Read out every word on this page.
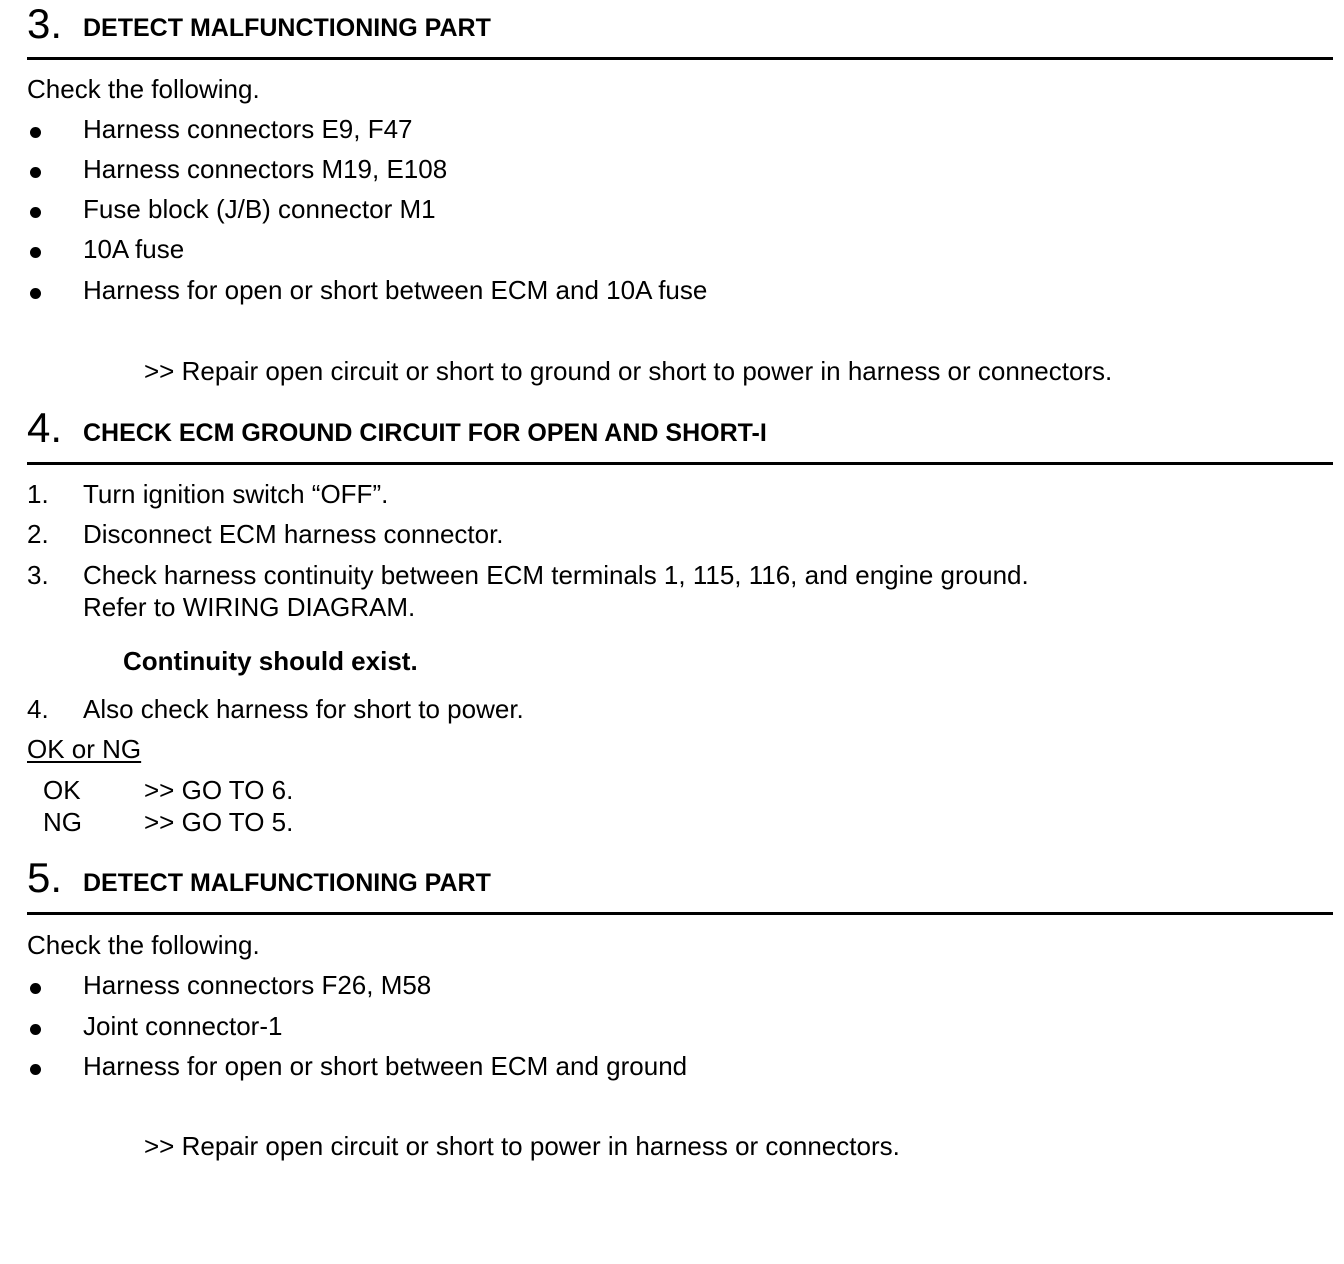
3. DETECT MALFUNCTIONING PART
Check the following.
Harness connectors E9, F47
Harness connectors M19, E108
Fuse block (J/B) connector M1
10A fuse
Harness for open or short between ECM and 10A fuse
>> Repair open circuit or short to ground or short to power in harness or connectors.
4. CHECK ECM GROUND CIRCUIT FOR OPEN AND SHORT-I
1. Turn ignition switch “OFF”.
2. Disconnect ECM harness connector.
3. Check harness continuity between ECM terminals 1, 115, 116, and engine ground.
Refer to WIRING DIAGRAM.
Continuity should exist.
4. Also check harness for short to power.
OK or NG
OK >> GO TO 6.
NG >> GO TO 5.
5. DETECT MALFUNCTIONING PART
Check the following.
Harness connectors F26, M58
Joint connector-1
Harness for open or short between ECM and ground
>> Repair open circuit or short to power in harness or connectors.
